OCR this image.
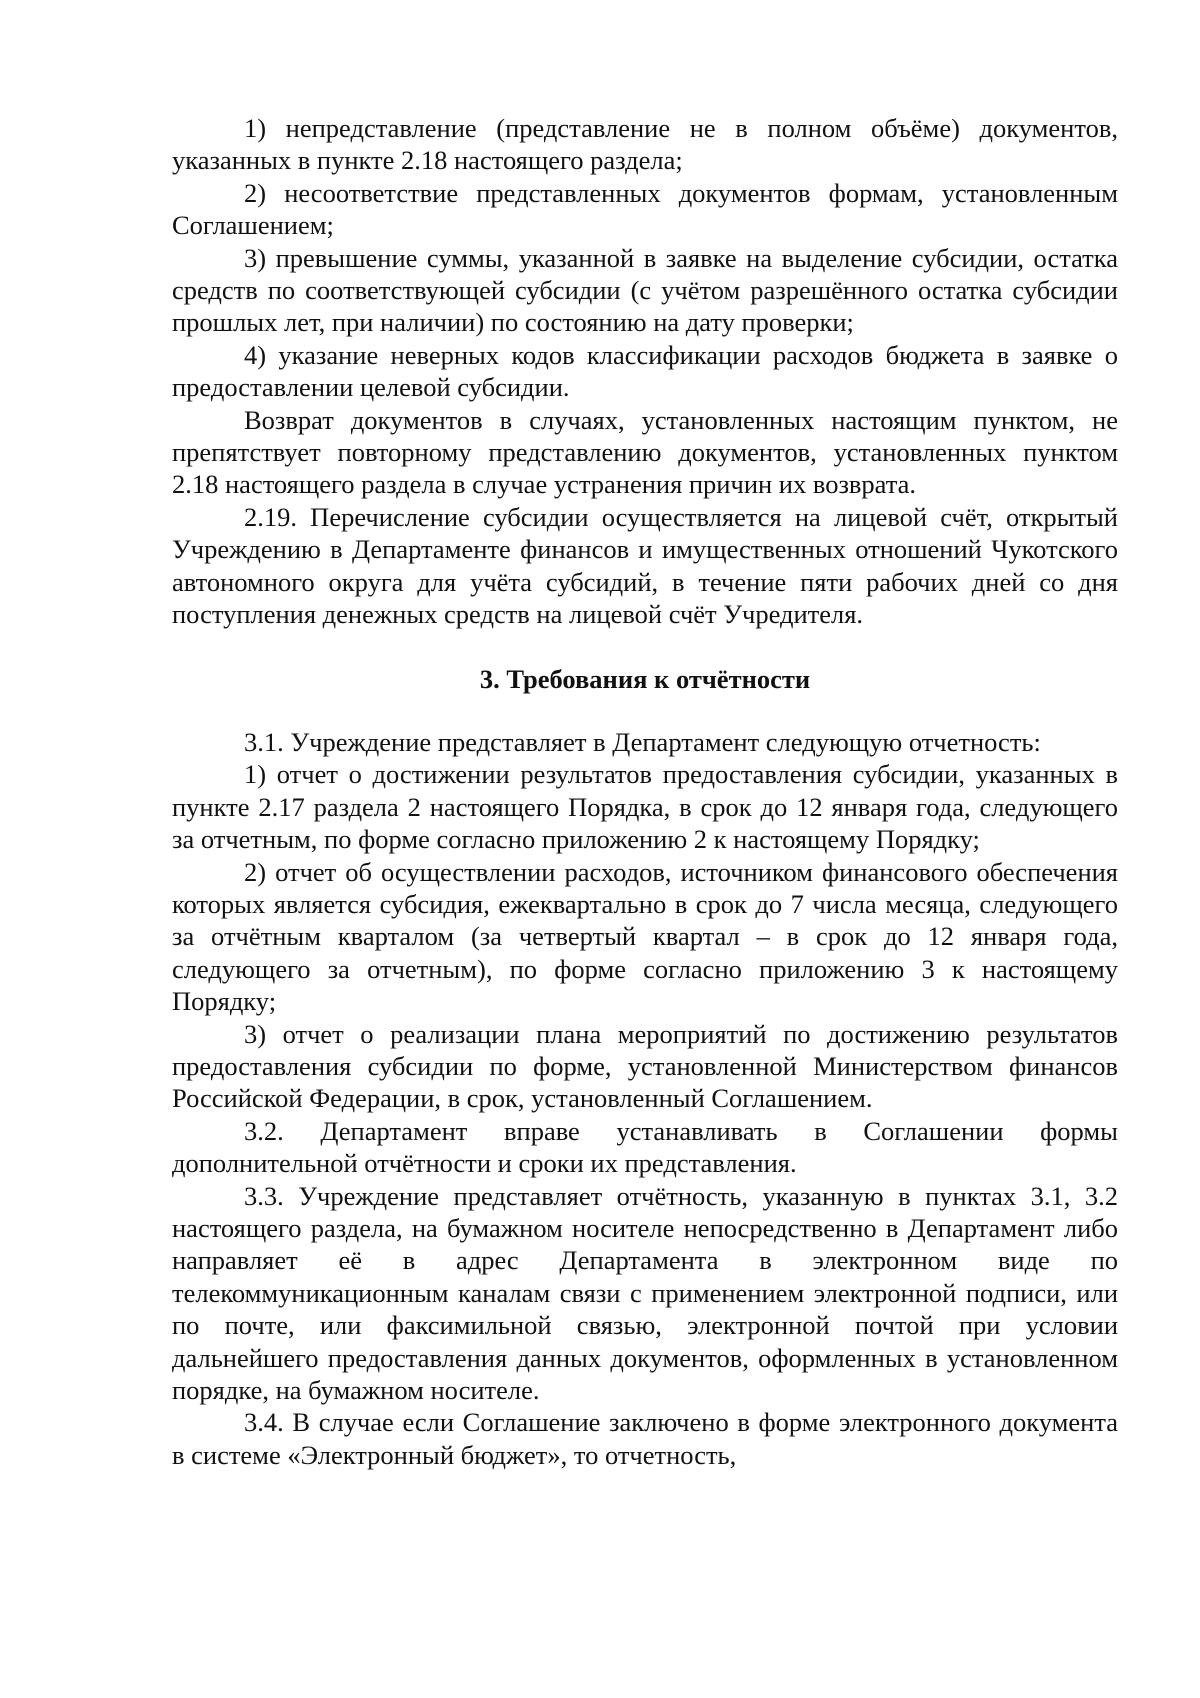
1) непредставление (представление не в полном объёме) документов, указанных в пункте 2.18 настоящего раздела;

2) несоответствие представленных документов формам, установленным Соглашением;

3) превышение суммы, указанной в заявке на выделение субсидии, остатка средств по соответствующей субсидии (с учётом разрешённого остатка субсидии прошлых лет, при наличии) по состоянию на дату проверки;

4) указание неверных кодов классификации расходов бюджета в заявке о предоставлении целевой субсидии.

Возврат документов в случаях, установленных настоящим пунктом, не препятствует повторному представлению документов, установленных пунктом 2.18 настоящего раздела в случае устранения причин их возврата.

2.19. Перечисление субсидии осуществляется на лицевой счёт, открытый Учреждению в Департаменте финансов и имущественных отношений Чукотского автономного округа для учёта субсидий, в течение пяти рабочих дней со дня поступления денежных средств на лицевой счёт Учредителя.

3. Требования к отчётности

3.1. Учреждение представляет в Департамент следующую отчетность:

1) отчет о достижении результатов предоставления субсидии, указанных в пункте 2.17 раздела 2 настоящего Порядка, в срок до 12 января года, следующего за отчетным, по форме согласно приложению 2 к настоящему Порядку;

2) отчет об осуществлении расходов, источником финансового обеспечения которых является субсидия, ежеквартально в срок до 7 числа месяца, следующего за отчётным кварталом (за четвертый квартал – в срок до 12 января года, следующего за отчетным), по форме согласно приложению 3 к настоящему Порядку;

3) отчет о реализации плана мероприятий по достижению результатов предоставления субсидии по форме, установленной Министерством финансов Российской Федерации, в срок, установленный Соглашением.

3.2. Департамент вправе устанавливать в Соглашении формы дополнительной отчётности и сроки их представления.

3.3. Учреждение представляет отчётность, указанную в пунктах 3.1, 3.2 настоящего раздела, на бумажном носителе непосредственно в Департамент либо направляет её в адрес Департамента в электронном виде по телекоммуникационным каналам связи с применением электронной подписи, или по почте, или факсимильной связью, электронной почтой при условии дальнейшего предоставления данных документов, оформленных в установленном порядке, на бумажном носителе.

3.4. В случае если Соглашение заключено в форме электронного документа в системе «Электронный бюджет», то отчетность,
